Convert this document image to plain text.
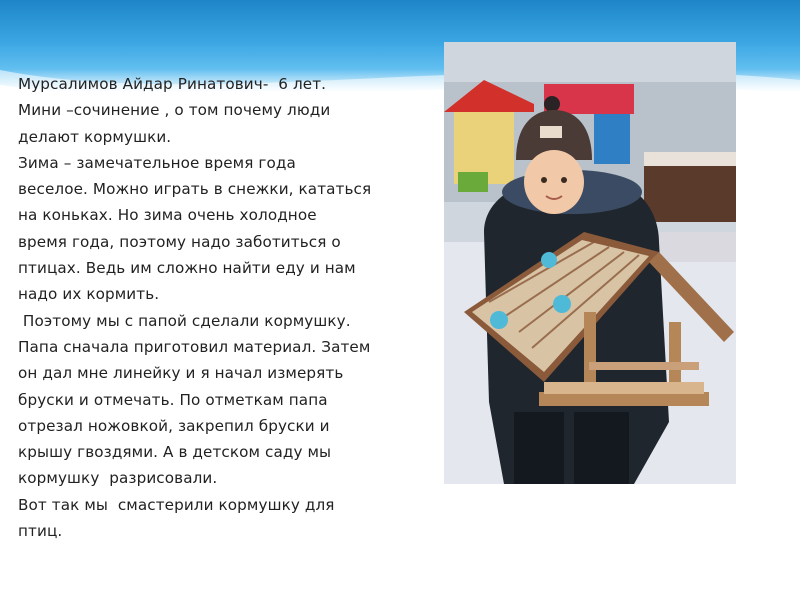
Мурсалимов Айдар Ринатович-  6 лет.
Мини –сочинение , о том почему люди
делают кормушки.
Зима – замечательное время года
веселое. Можно играть в снежки, кататься
на коньках. Но зима очень холодное
время года, поэтому надо заботиться о
птицах. Ведь им сложно найти еду и нам
надо их кормить.
Поэтому мы с папой сделали кормушку.
Папа сначала приготовил материал. Затем
он дал мне линейку и я начал измерять
бруски и отмечать. По отметкам папа
отрезал ножовкой, закрепил бруски и
крышу гвоздями. А в детском саду мы
кормушку  разрисовали.
Вот так мы  смастерили кормушку для
птиц.
